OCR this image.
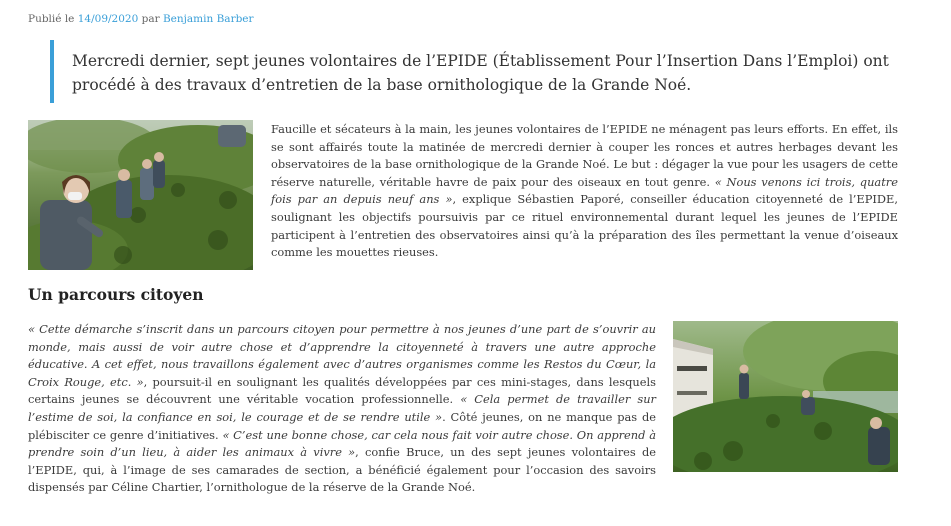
Publié le 14/09/2020 par Benjamin Barber
Mercredi dernier, sept jeunes volontaires de l’EPIDE (Établissement Pour l’Insertion Dans l’Emploi) ont procédé à des travaux d’entretien de la base ornithologique de la Grande Noé.
Faucille et sécateurs à la main, les jeunes volontaires de l’EPIDE ne ménagent pas leurs efforts. En effet, ils se sont affairés toute la matinée de mercredi dernier à couper les ronces et autres herbages devant les observatoires de la base ornithologique de la Grande Noé. Le but : dégager la vue pour les usagers de cette réserve naturelle, véritable havre de paix pour des oiseaux en tout genre. « Nous venons ici trois, quatre fois par an depuis neuf ans », explique Sébastien Paporé, conseiller éducation citoyenneté de l’EPIDE, soulignant les objectifs poursuivis par ce rituel environnemental durant lequel les jeunes de l’EPIDE participent à l’entretien des observatoires ainsi qu’à la préparation des îles permettant la venue d’oiseaux comme les mouettes rieuses.
Un parcours citoyen
« Cette démarche s’inscrit dans un parcours citoyen pour permettre à nos jeunes d’une part de s’ouvrir au monde, mais aussi de voir autre chose et d’apprendre la citoyenneté à travers une autre approche éducative. A cet effet, nous travaillons également avec d’autres organismes comme les Restos du Cœur, la Croix Rouge, etc. », poursuit-il en soulignant les qualités développées par ces mini-stages, dans lesquels certains jeunes se découvrent une véritable vocation professionnelle. « Cela permet de travailler sur l’estime de soi, la confiance en soi, le courage et de se rendre utile ». Côté jeunes, on ne manque pas de plébisciter ce genre d’initiatives. « C’est une bonne chose, car cela nous fait voir autre chose. On apprend à prendre soin d’un lieu, à aider les animaux à vivre », confie Bruce, un des sept jeunes volontaires de l’EPIDE, qui, à l’image de ses camarades de section, a bénéficié également pour l’occasion des savoirs dispensés par Céline Chartier, l’ornithologue de la réserve de la Grande Noé.
